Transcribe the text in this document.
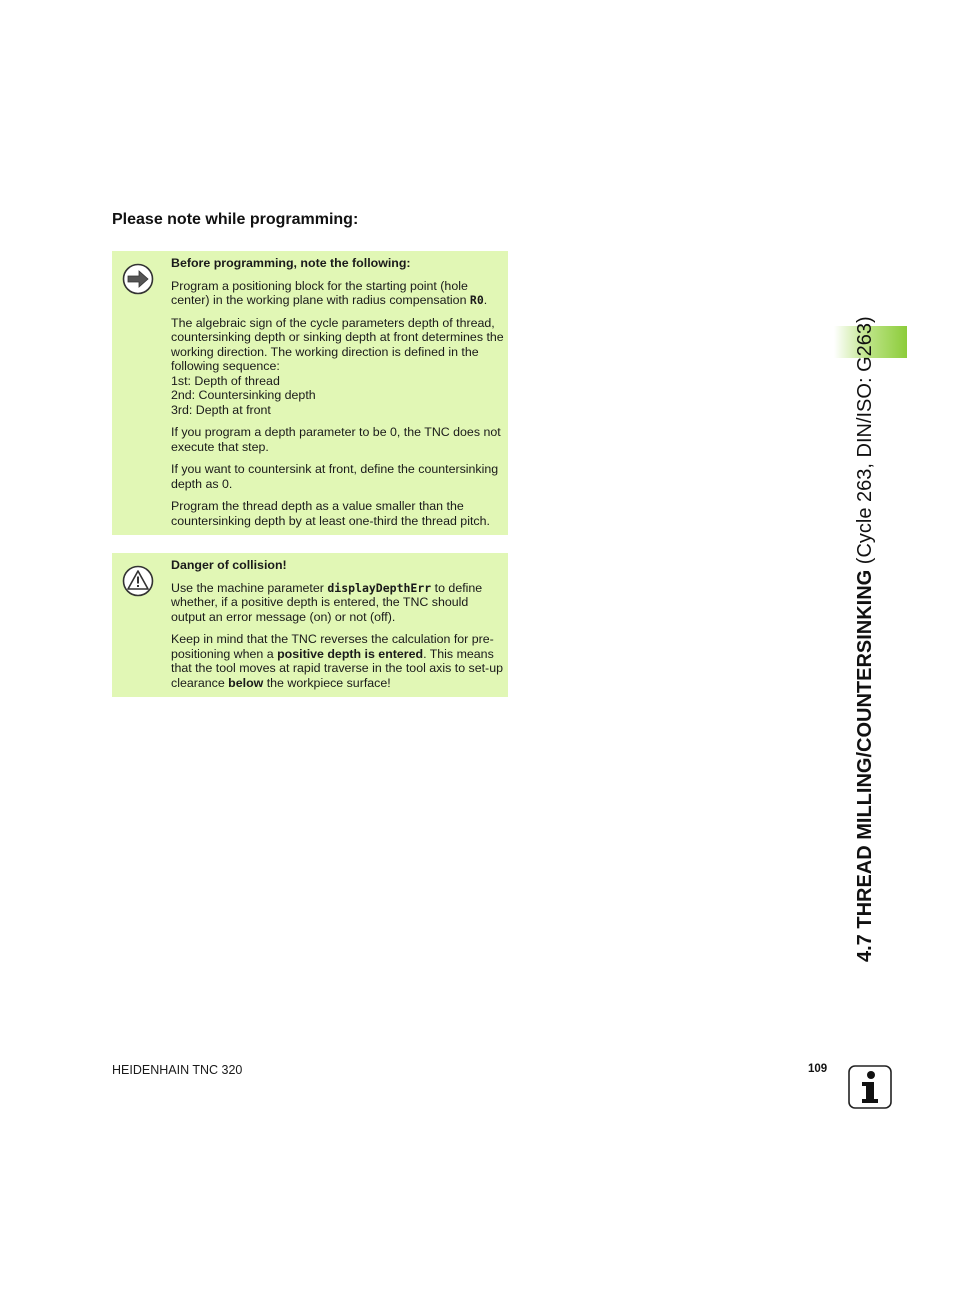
Please note while programming:
Before programming, note the following:

Program a positioning block for the starting point (hole center) in the working plane with radius compensation R0.

The algebraic sign of the cycle parameters depth of thread, countersinking depth or sinking depth at front determines the working direction. The working direction is defined in the following sequence:
1st: Depth of thread
2nd: Countersinking depth
3rd: Depth at front

If you program a depth parameter to be 0, the TNC does not execute that step.

If you want to countersink at front, define the countersinking depth as 0.

Program the thread depth as a value smaller than the countersinking depth by at least one-third the thread pitch.

Danger of collision!

Use the machine parameter displayDepthErr to define whether, if a positive depth is entered, the TNC should output an error message (on) or not (off).

Keep in mind that the TNC reverses the calculation for pre-positioning when a positive depth is entered. This means that the tool moves at rapid traverse in the tool axis to set-up clearance below the workpiece surface!	4.7 THREAD MILLING/COUNTERSINKING (Cycle 263, DIN/ISO: G263)
HEIDENHAIN TNC 320	109
